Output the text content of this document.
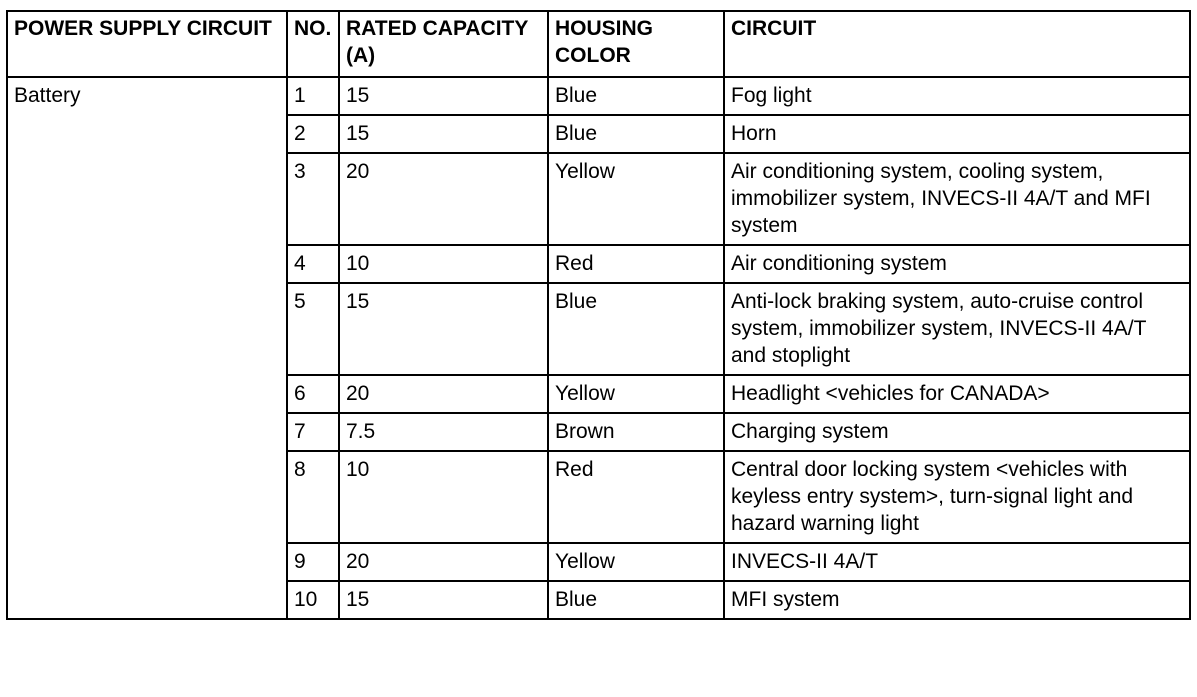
POWER SUPPLY CIRCUIT	NO.	RATED CAPACITY (A)	HOUSING COLOR	CIRCUIT
Battery	1	15	Blue	Fog light
	2	15	Blue	Horn
	3	20	Yellow	Air conditioning system, cooling system, immobilizer system, INVECS-II 4A/T and MFI system
	4	10	Red	Air conditioning system
	5	15	Blue	Anti-lock braking system, auto-cruise control system, immobilizer system, INVECS-II 4A/T and stoplight
	6	20	Yellow	Headlight <vehicles for CANADA>
	7	7.5	Brown	Charging system
	8	10	Red	Central door locking system <vehicles with keyless entry system>, turn-signal light and hazard warning light
	9	20	Yellow	INVECS-II 4A/T
	10	15	Blue	MFI system
